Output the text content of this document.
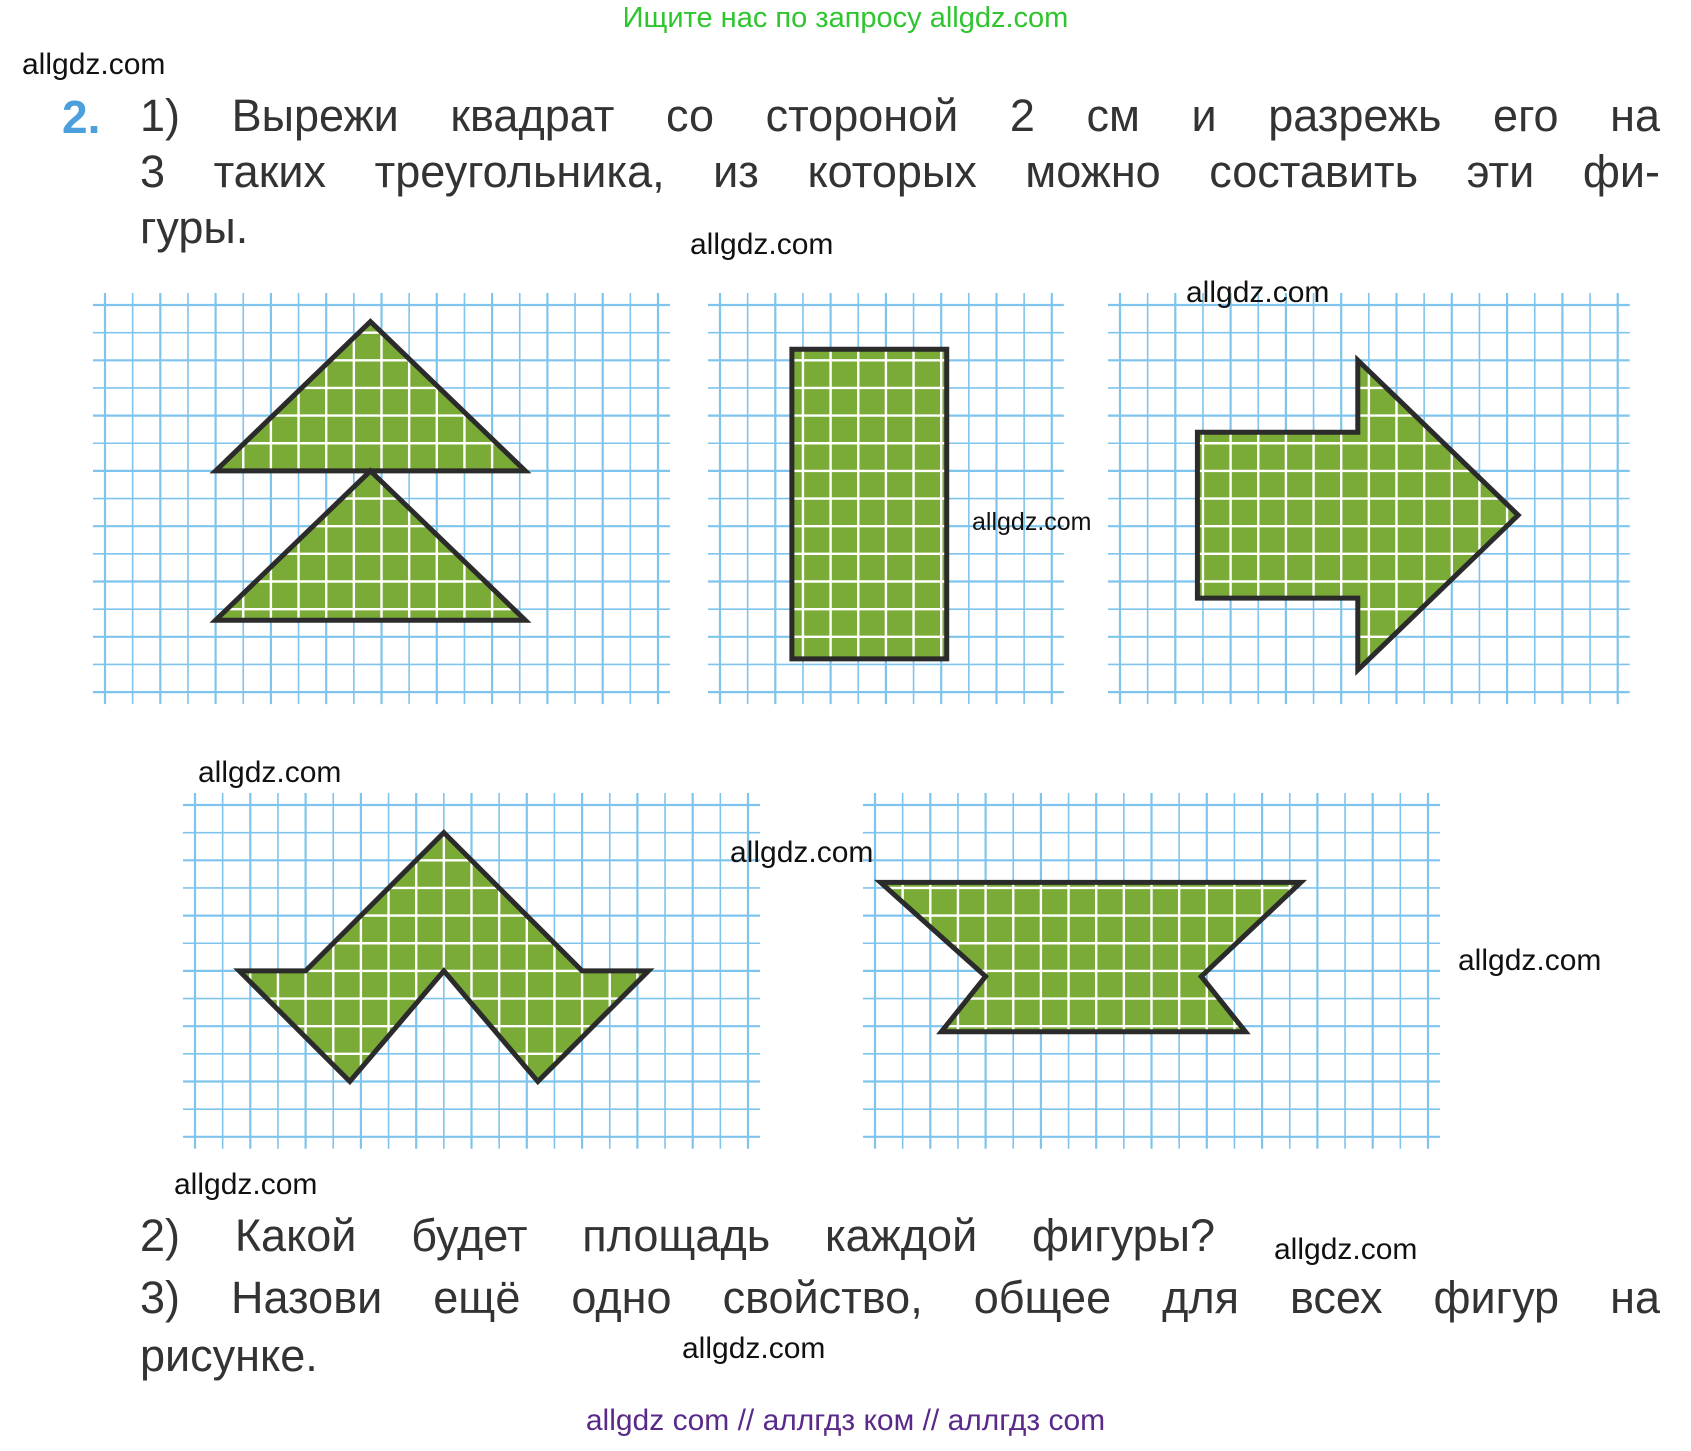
Ищите нас по запросу allgdz.com
2. 1) Вырежи квадрат со стороной 2 см и разрежь его на
3 таких треугольника, из которых можно составить эти фи-
гуры.
2) Какой будет площадь каждой фигуры?
3) Назови ещё одно свойство, общее для всех фигур на
рисунке.
allgdz.com
allgdz.com
allgdz.com
allgdz.com
allgdz.com
allgdz.com
allgdz.com
allgdz.com
allgdz.com
allgdz.com
allgdz com // аллгдз ком // аллгдз com
